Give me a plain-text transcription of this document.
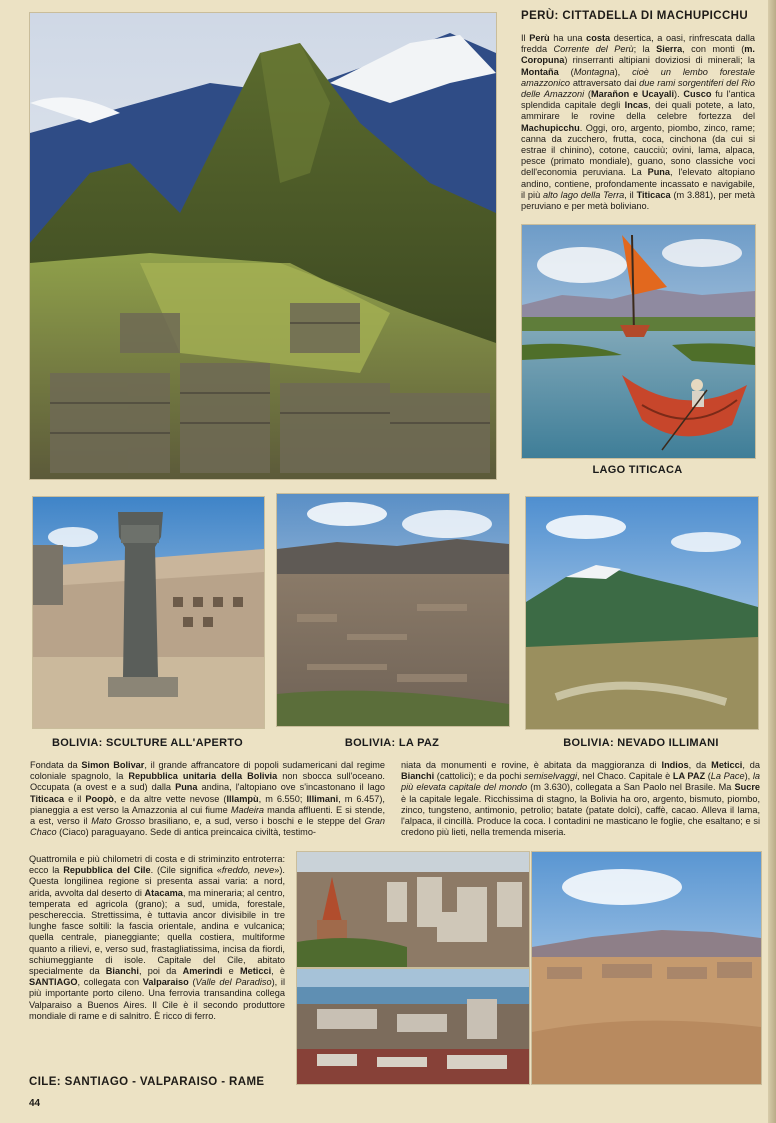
PERÙ: CITTADELLA DI MACHUPICCHU
Il Perù ha una costa desertica, a oasi, rinfrescata dalla fredda Corrente del Perù; la Sierra, con monti (m. Coropuna) rinserranti altipiani doviziosi di minerali; la Montaña (Montagna), cioè un lembo forestale amazzonico attraversato dai due rami sorgentiferi del Rio delle Amazzoni (Marañon e Ucayali). Cusco fu l'antica splendida capitale degli Incas, dei quali potete, a lato, ammirare le rovine della celebre fortezza del Machupicchu. Oggi, oro, argento, piombo, zinco, rame; canna da zucchero, frutta, coca, cinchona (da cui si estrae il chinino), cotone, caucciù; ovini, lama, alpaca, pesce (primato mondiale), guano, sono classiche voci dell'economia peruviana. La Puna, l'elevato altopiano andino, contiene, profondamente incassato e navigabile, il più alto lago della Terra, il Titicaca (m 3.881), per metà peruviano e per metà boliviano.
LAGO TITICACA
BOLIVIA: SCULTURE ALL'APERTO	BOLIVIA: LA PAZ	BOLIVIA: NEVADO ILLIMANI
Fondata da Simon Bolivar, il grande affrancatore di popoli sudamericani dal regime coloniale spagnolo, la Repubblica unitaria della Bolivia non sbocca sull'oceano. Occupata (a ovest e a sud) dalla Puna andina, l'altopiano ove s'incastonano il lago Titicaca e il Poopò, e da altre vette nevose (Illampù, m 6.550; Illimani, m 6.457), pianeggia a est verso la Amazzonia al cui fiume Madeira manda affluenti. E si stende, a est, verso il Mato Grosso brasiliano, e, a sud, verso i boschi e le steppe del Gran Chaco (Ciaco) paraguayano. Sede di antica preincaica civiltà, testimo-
niata da monumenti e rovine, è abitata da maggioranza di Indios, da Meticci, da Bianchi (cattolici); e da pochi semiselvaggi, nel Chaco. Capitale è LA PAZ (La Pace), la più elevata capitale del mondo (m 3.630), collegata a San Paolo nel Brasile. Ma Sucre è la capitale legale. Ricchissima di stagno, la Bolivia ha oro, argento, bismuto, piombo, zinco, tungsteno, antimonio, petrolio; batate (patate dolci), caffè, cacao. Alleva il lama, l'alpaca, il cincillà. Produce la coca. I contadini ne masticano le foglie, che esaltano; e si credono più lieti, nella tremenda miseria.
Quattromila e più chilometri di costa e di striminzito entroterra: ecco la Repubblica del Cile. (Cile significa «freddo, neve»). Questa longilinea regione si presenta assai varia: a nord, arida, avvolta dal deserto di Atacama, ma mineraria; al centro, temperata ed agricola (grano); a sud, umida, forestale, peschereccia. Strettissima, è tuttavia ancor divisibile in tre lunghe fasce soltili: la fascia orientale, andina e vulcanica; quella centrale, pianeggiante; quella costiera, multiforme quanto a rilievi, e, verso sud, frastagliatissima, incisa da fiordi, schiumeggiante di isole. Capitale del Cile, abitato specialmente da Bianchi, poi da Amerindi e Meticci, è SANTIAGO, collegata con Valparaiso (Valle del Paradiso), il più importante porto cileno. Una ferrovia transandina collega Valparaiso a Buenos Aires. Il Cile è il secondo produttore mondiale di rame e di salnitro. È ricco di ferro.
CILE: SANTIAGO - VALPARAISO - RAME
44
